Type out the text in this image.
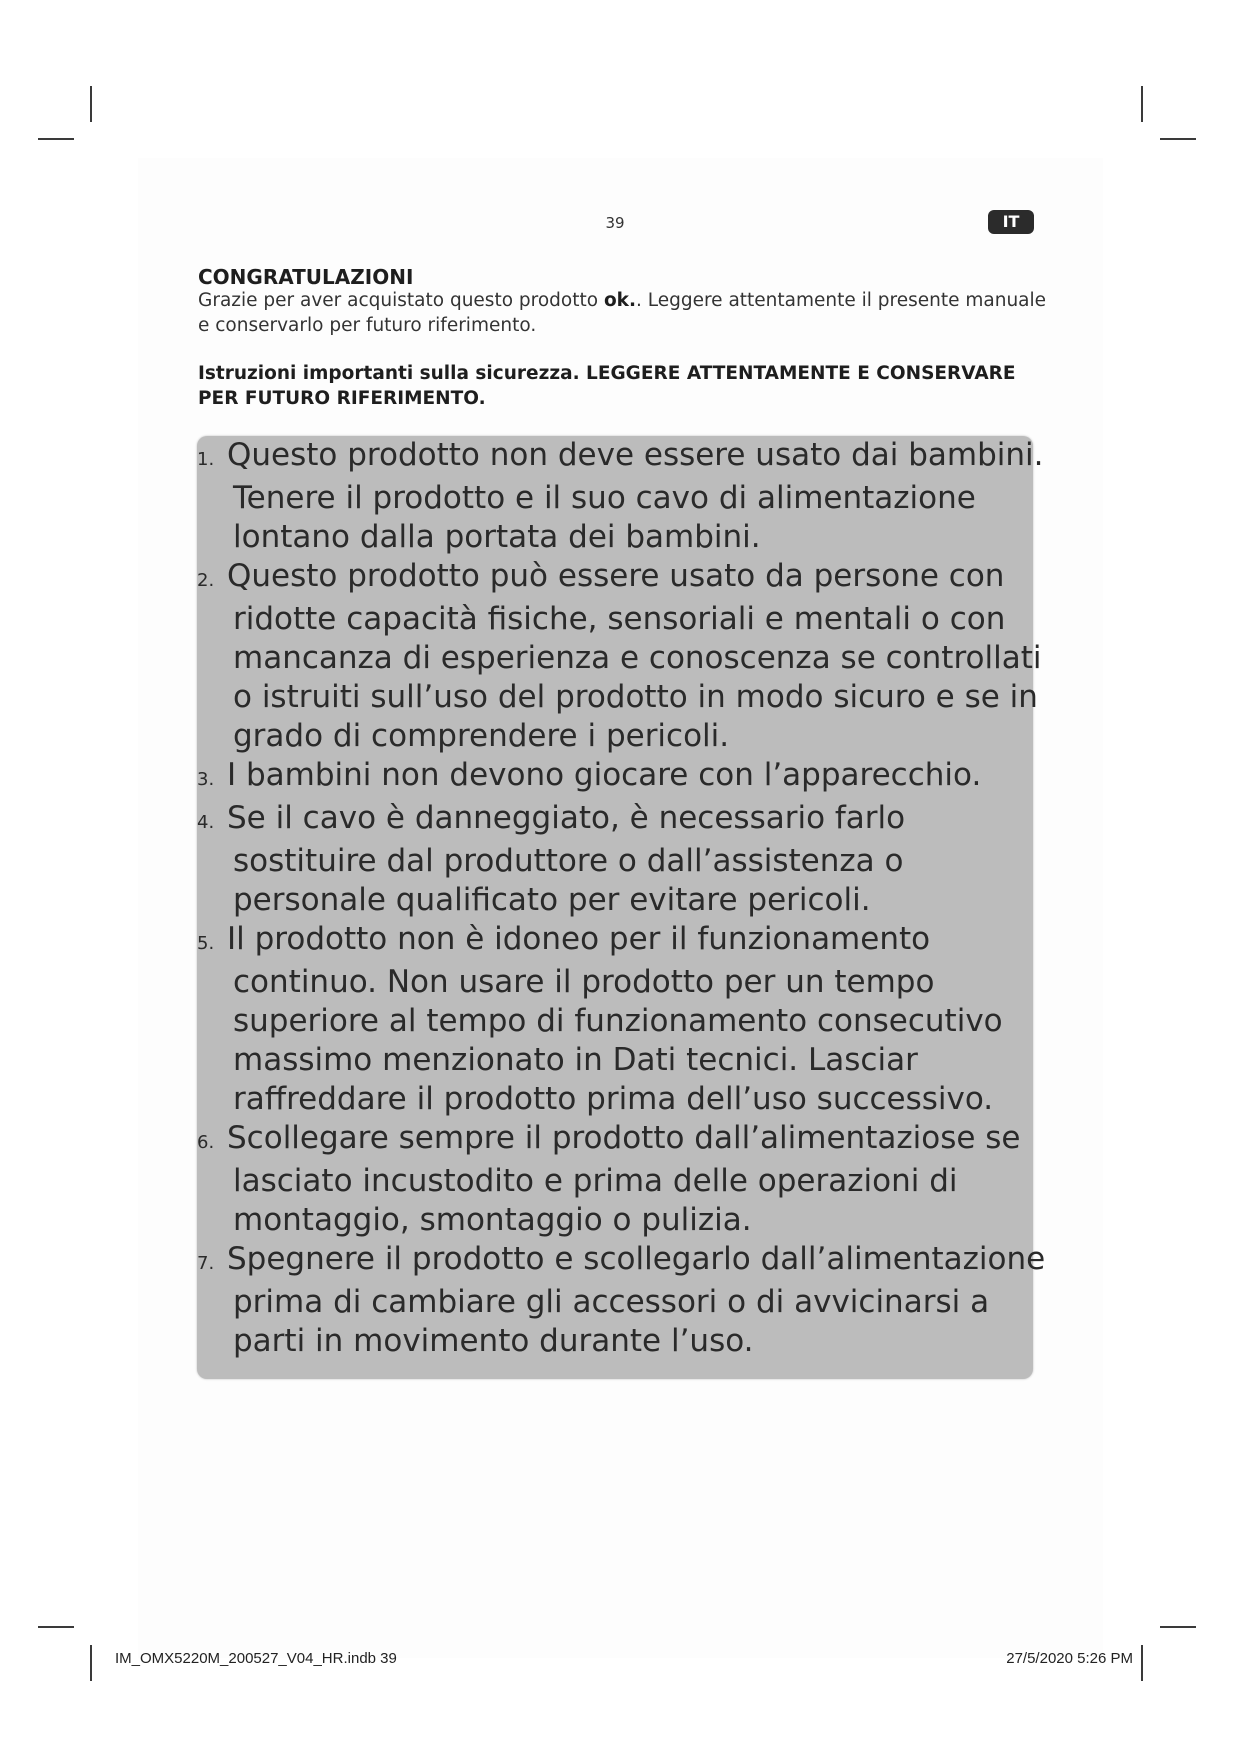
39	IT
CONGRATULAZIONI
Grazie per aver acquistato questo prodotto ok.. Leggere attentamente il presente manuale e conservarlo per futuro riferimento.
Istruzioni importanti sulla sicurezza. LEGGERE ATTENTAMENTE E CONSERVARE PER FUTURO RIFERIMENTO.
1. Questo prodotto non deve essere usato dai bambini. Tenere il prodotto e il suo cavo di alimentazione lontano dalla portata dei bambini.
2. Questo prodotto può essere usato da persone con ridotte capacità fisiche, sensoriali e mentali o con mancanza di esperienza e conoscenza se controllati o istruiti sull’uso del prodotto in modo sicuro e se in grado di comprendere i pericoli.
3. I bambini non devono giocare con l’apparecchio.
4. Se il cavo è danneggiato, è necessario farlo sostituire dal produttore o dall’assistenza o personale qualificato per evitare pericoli.
5. Il prodotto non è idoneo per il funzionamento continuo. Non usare il prodotto per un tempo superiore al tempo di funzionamento consecutivo massimo menzionato in Dati tecnici. Lasciar raffreddare il prodotto prima dell’uso successivo.
6. Scollegare sempre il prodotto dall’alimentaziose se lasciato incustodito e prima delle operazioni di montaggio, smontaggio o pulizia.
7. Spegnere il prodotto e scollegarlo dall’alimentazione prima di cambiare gli accessori o di avvicinarsi a parti in movimento durante l’uso.
IM_OMX5220M_200527_V04_HR.indb 39	27/5/2020 5:26 PM
